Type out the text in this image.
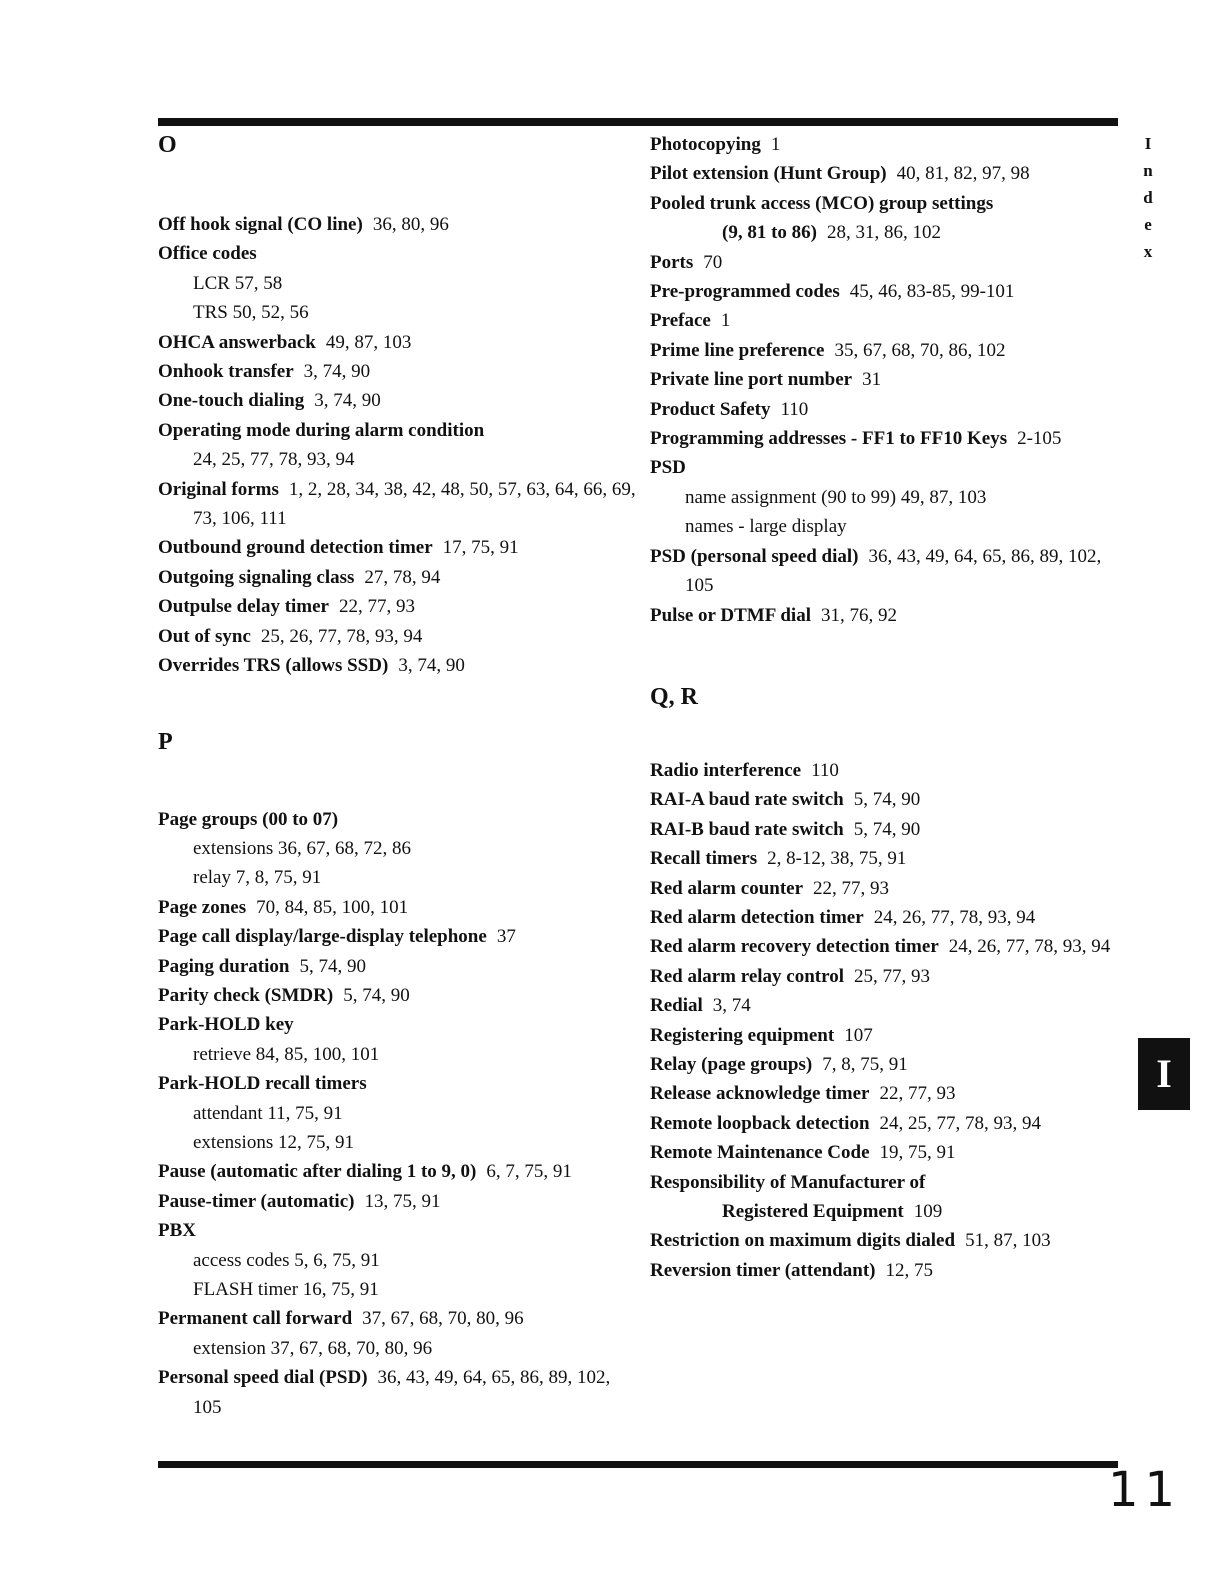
O
Off hook signal (CO line) 36, 80, 96
Office codes
LCR 57, 58
TRS 50, 52, 56
OHCA answerback 49, 87, 103
Onhook transfer 3, 74, 90
One-touch dialing 3, 74, 90
Operating mode during alarm condition
24, 25, 77, 78, 93, 94
Original forms 1, 2, 28, 34, 38, 42, 48, 50, 57, 63, 64, 66, 69, 73, 106, 111
Outbound ground detection timer 17, 75, 91
Outgoing signaling class 27, 78, 94
Outpulse delay timer 22, 77, 93
Out of sync 25, 26, 77, 78, 93, 94
Overrides TRS (allows SSD) 3, 74, 90
P
Page groups (00 to 07)
extensions 36, 67, 68, 72, 86
relay 7, 8, 75, 91
Page zones 70, 84, 85, 100, 101
Page call display/large-display telephone 37
Paging duration 5, 74, 90
Parity check (SMDR) 5, 74, 90
Park-HOLD key
retrieve 84, 85, 100, 101
Park-HOLD recall timers
attendant 11, 75, 91
extensions 12, 75, 91
Pause (automatic after dialing 1 to 9, 0) 6, 7, 75, 91
Pause-timer (automatic) 13, 75, 91
PBX
access codes 5, 6, 75, 91
FLASH timer 16, 75, 91
Permanent call forward 37, 67, 68, 70, 80, 96
extension 37, 67, 68, 70, 80, 96
Personal speed dial (PSD) 36, 43, 49, 64, 65, 86, 89, 102, 105
Photocopying 1
Pilot extension (Hunt Group) 40, 81, 82, 97, 98
Pooled trunk access (MCO) group settings
(9, 81 to 86) 28, 31, 86, 102
Ports 70
Pre-programmed codes 45, 46, 83-85, 99-101
Preface 1
Prime line preference 35, 67, 68, 70, 86, 102
Private line port number 31
Product Safety 110
Programming addresses - FF1 to FF10 Keys 2-105
PSD
name assignment (90 to 99) 49, 87, 103
names - large display
PSD (personal speed dial) 36, 43, 49, 64, 65, 86, 89, 102, 105
Pulse or DTMF dial 31, 76, 92
Q, R
Radio interference 110
RAI-A baud rate switch 5, 74, 90
RAI-B baud rate switch 5, 74, 90
Recall timers 2, 8-12, 38, 75, 91
Red alarm counter 22, 77, 93
Red alarm detection timer 24, 26, 77, 78, 93, 94
Red alarm recovery detection timer 24, 26, 77, 78, 93, 94
Red alarm relay control 25, 77, 93
Redial 3, 74
Registering equipment 107
Relay (page groups) 7, 8, 75, 91
Release acknowledge timer 22, 77, 93
Remote loopback detection 24, 25, 77, 78, 93, 94
Remote Maintenance Code 19, 75, 91
Responsibility of Manufacturer of
Registered Equipment 109
Restriction on maximum digits dialed 51, 87, 103
Reversion timer (attendant) 12, 75
I
n
d
e
x
I
11
